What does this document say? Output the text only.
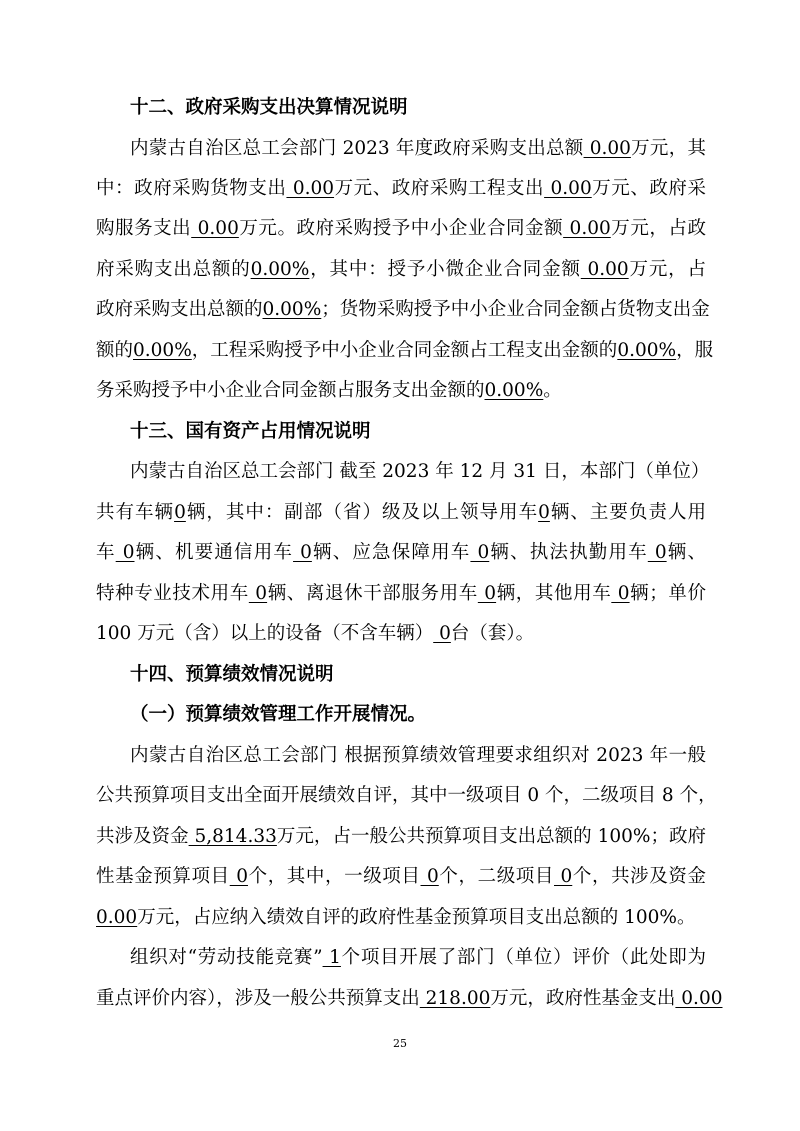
十二、政府采购支出决算情况说明
内蒙古自治区总工会部门 2023 年度政府采购支出总额 0.00万元，其
中：政府采购货物支出 0.00万元、政府采购工程支出 0.00万元、政府采
购服务支出 0.00万元。政府采购授予中小企业合同金额 0.00万元，占政
府采购支出总额的0.00%，其中：授予小微企业合同金额 0.00万元，占
政府采购支出总额的0.00%；货物采购授予中小企业合同金额占货物支出金
额的0.00%，工程采购授予中小企业合同金额占工程支出金额的0.00%，服
务采购授予中小企业合同金额占服务支出金额的0.00%。
十三、国有资产占用情况说明
内蒙古自治区总工会部门 截至 2023 年 12 月 31 日，本部门（单位）
共有车辆0辆，其中：副部（省）级及以上领导用车0辆、主要负责人用
车 0辆、机要通信用车 0辆、应急保障用车 0辆、执法执勤用车 0辆、
特种专业技术用车 0辆、离退休干部服务用车 0辆，其他用车 0辆；单价
100 万元（含）以上的设备（不含车辆） 0台（套）。
十四、预算绩效情况说明
（一）预算绩效管理工作开展情况。
内蒙古自治区总工会部门 根据预算绩效管理要求组织对 2023 年一般
公共预算项目支出全面开展绩效自评，其中一级项目 0 个，二级项目 8 个，
共涉及资金 5,814.33万元，占一般公共预算项目支出总额的 100%；政府
性基金预算项目 0个，其中，一级项目 0个，二级项目 0个，共涉及资金
0.00万元，占应纳入绩效自评的政府性基金预算项目支出总额的 100%。
组织对“劳动技能竞赛” 1个项目开展了部门（单位）评价（此处即为
重点评价内容），涉及一般公共预算支出 218.00万元，政府性基金支出 0.00
25
